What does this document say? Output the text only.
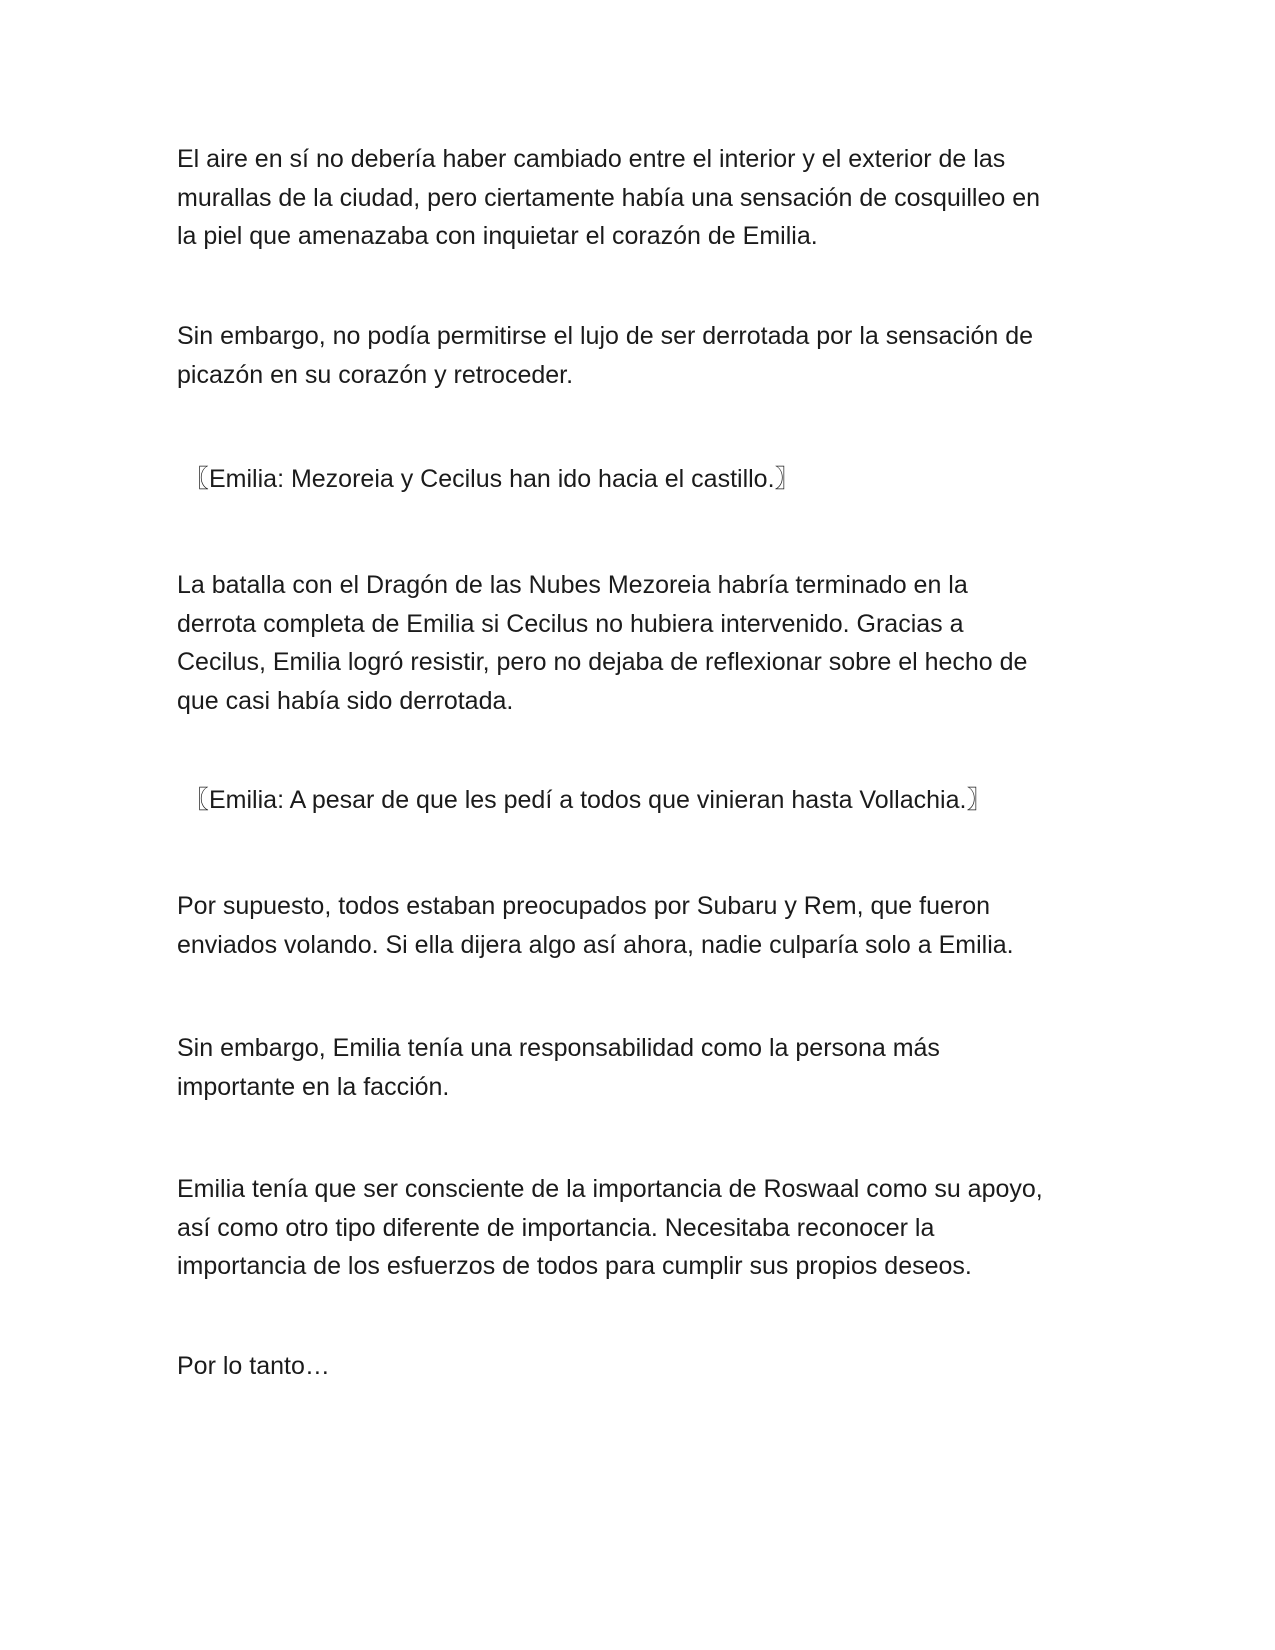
El aire en sí no debería haber cambiado entre el interior y el exterior de las
murallas de la ciudad, pero ciertamente había una sensación de cosquilleo en
la piel que amenazaba con inquietar el corazón de Emilia.

Sin embargo, no podía permitirse el lujo de ser derrotada por la sensación de
picazón en su corazón y retroceder.

〖Emilia: Mezoreia y Cecilus han ido hacia el castillo.〗

La batalla con el Dragón de las Nubes Mezoreia habría terminado en la
derrota completa de Emilia si Cecilus no hubiera intervenido. Gracias a
Cecilus, Emilia logró resistir, pero no dejaba de reflexionar sobre el hecho de
que casi había sido derrotada.

〖Emilia: A pesar de que les pedí a todos que vinieran hasta Vollachia.〗

Por supuesto, todos estaban preocupados por Subaru y Rem, que fueron
enviados volando. Si ella dijera algo así ahora, nadie culparía solo a Emilia.

Sin embargo, Emilia tenía una responsabilidad como la persona más
importante en la facción.

Emilia tenía que ser consciente de la importancia de Roswaal como su apoyo,
así como otro tipo diferente de importancia. Necesitaba reconocer la
importancia de los esfuerzos de todos para cumplir sus propios deseos.

Por lo tanto…
